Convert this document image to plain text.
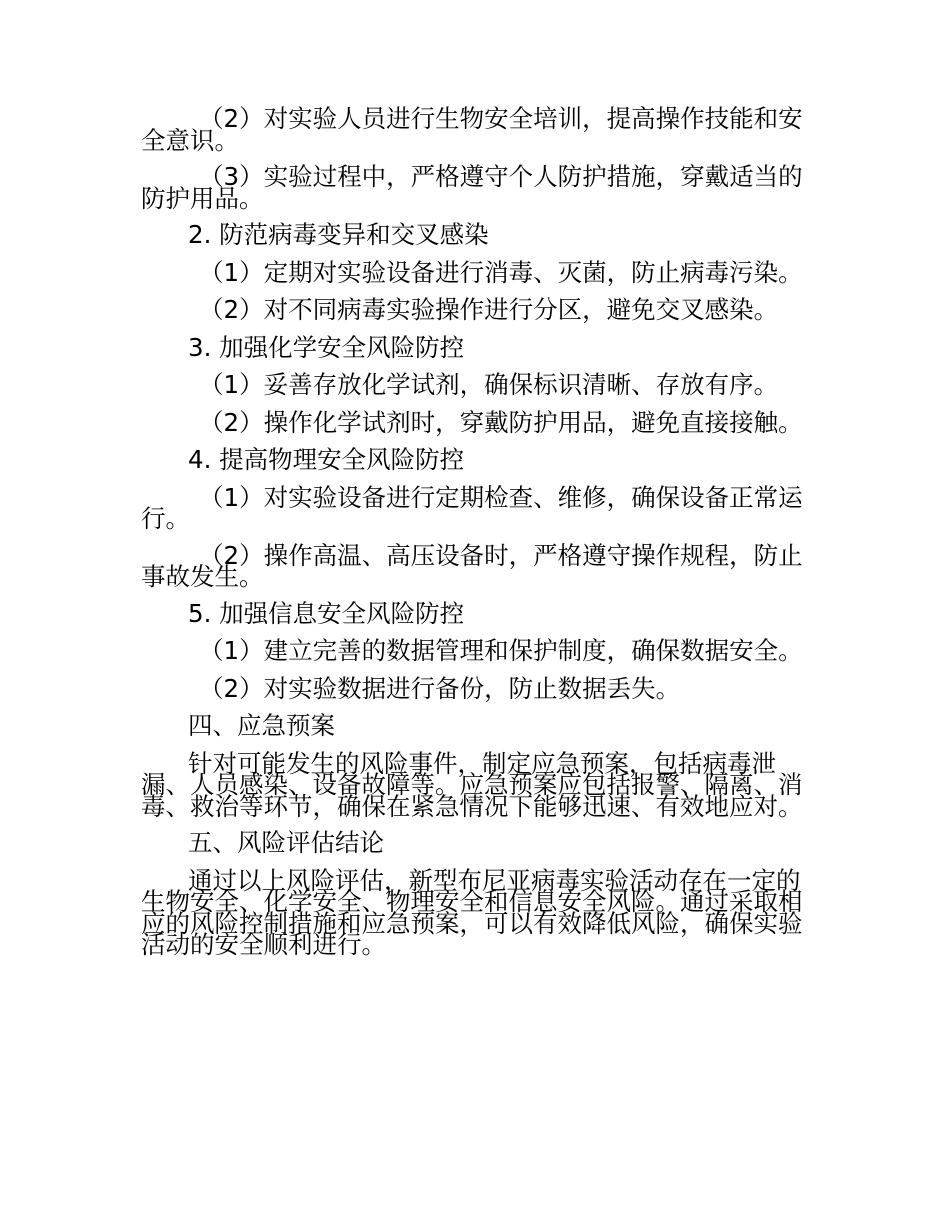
（2）对实验人员进行生物安全培训，提高操作技能和安全意识。

（3）实验过程中，严格遵守个人防护措施，穿戴适当的防护用品。

2. 防范病毒变异和交叉感染

（1）定期对实验设备进行消毒、灭菌，防止病毒污染。

（2）对不同病毒实验操作进行分区，避免交叉感染。

3. 加强化学安全风险防控

（1）妥善存放化学试剂，确保标识清晰、存放有序。

（2）操作化学试剂时，穿戴防护用品，避免直接接触。

4. 提高物理安全风险防控

（1）对实验设备进行定期检查、维修，确保设备正常运行。

（2）操作高温、高压设备时，严格遵守操作规程，防止事故发生。

5. 加强信息安全风险防控

（1）建立完善的数据管理和保护制度，确保数据安全。

（2）对实验数据进行备份，防止数据丢失。

四、应急预案

针对可能发生的风险事件，制定应急预案，包括病毒泄漏、人员感染、设备故障等。应急预案应包括报警、隔离、消毒、救治等环节，确保在紧急情况下能够迅速、有效地应对。

五、风险评估结论

通过以上风险评估，新型布尼亚病毒实验活动存在一定的生物安全、化学安全、物理安全和信息安全风险。通过采取相应的风险控制措施和应急预案，可以有效降低风险，确保实验活动的安全顺利进行。
